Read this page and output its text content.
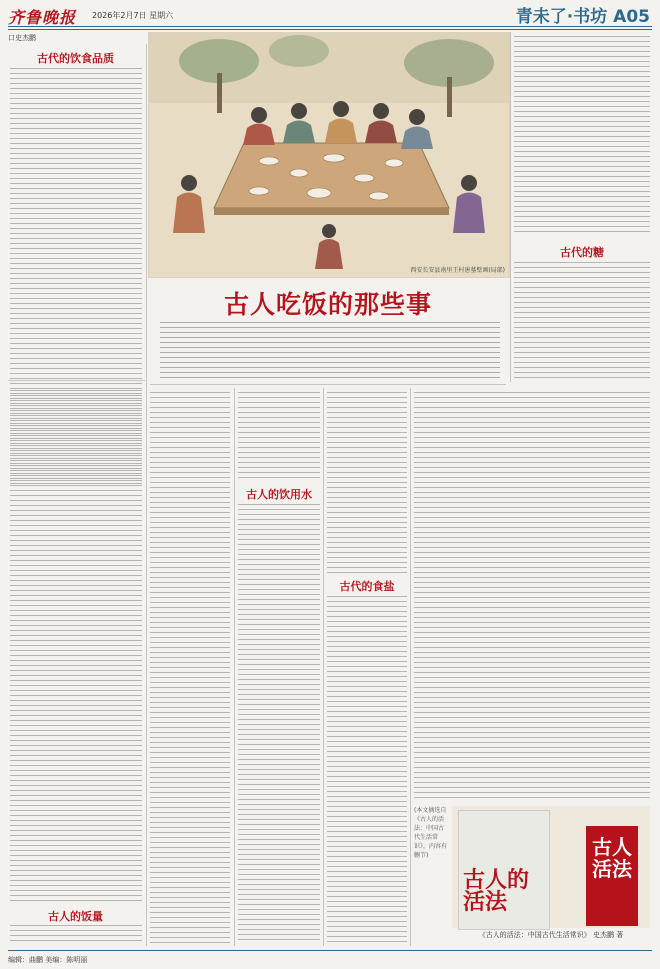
齐鲁晚报 2026年2月7日 星期六	青未了·书坊 A05
口史杰鹏
古代的饮食品质
古人的饭量
西安长安县南里王村唐墓壁画(局部)
古人吃饭的那些事
古人的饮用水
古代的食盐
古代的糖
古人的活法
古人活法
《古人的活法：中国古代生活常识》 史杰鹏 著
(本文摘选自《古人的活法：中国古代生活常识》，内容有删节)
编辑：曲鹏 美编：陈明丽
